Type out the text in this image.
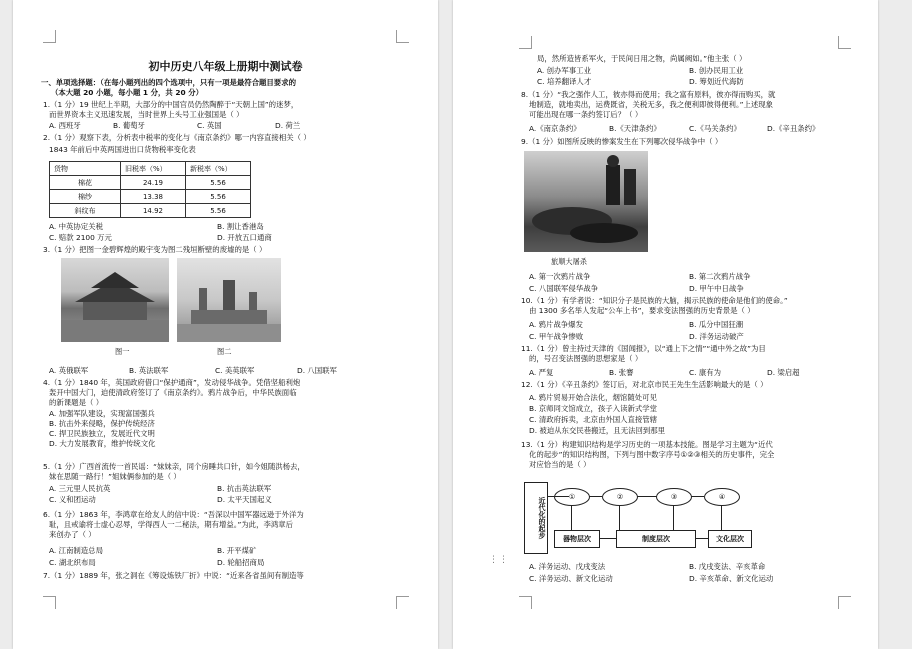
初中历史八年级上册期中测试卷
一、单项选择题：（在每小题列出的四个选项中，只有一项是最符合题目要求的
（本大题 20 小题，每小题 1 分，共 20 分）
1.（1 分）19 世纪上半期，大部分的中国官员仍然陶醉于“天朝上国”的迷梦，
而世界资本主义迅速发展，当时世界上头号工业强国是（ ）
A. 西班牙	B. 葡萄牙	C. 英国	D. 荷兰
2.（1 分）观察下表，分析表中税率的变化与《南京条约》哪一内容直接相关（ ）
1843 年前后中英两国进出口货物税率变化表
货物	旧税率（%）	新税率（%）
棉花	24.19	5.56
棉纱	13.38	5.56
斜纹布	14.92	5.56
A. 中英协定关税	B. 割让香港岛
C. 赔款 2100 万元	D. 开放五口通商
3.（1 分）把图一金碧辉煌的殿宇变为图二残垣断壁的废墟的是（ ）
图一	图二
A. 英俄联军	B. 英法联军	C. 美英联军	D. 八国联军
4.（1 分）1840 年，英国政府借口“保护通商”，发动侵华战争。凭借坚船利炮
轰开中国大门，迫使清政府签订了《南京条约》。鸦片战争后，中华民族面临
的新课题是（ ）
A. 加强军队建设，实现富国强兵
B. 抗击外来侵略，保护传统经济
C. 捍卫民族独立，发展近代文明
D. 大力发展教育，维护传统文化
5.（1 分）广西首流传一首民谣：“妹妹亲，同个房睡共口针，如今姐随洪杨去，
妹在思随一路行！”姐妹俩参加的是（ ）
A. 三元里人民抗英	B. 抗击英法联军
C. 义和团运动	D. 太平天国起义
6.（1 分）1863 年，李鸿章在给友人的信中说：“吾深以中国军器远逊于外洋为
耻，且戒谕将士虚心忍辱，学得西人一二秘法，期有增益。”为此，李鸿章后
来创办了（ ）
A. 江南制造总局	B. 开平煤矿
C. 湖北织布局	D. 轮船招商局
7.（1 分）1889 年，张之洞在《筹设炼铁厂折》中说：“近来各省虽间有制造等
局，然所造皆系军火，于民间日用之物，尚属阙如。”他主张（ ）
A. 创办军事工业	B. 创办民用工业
C. 培养翻译人才	D. 筹划近代海防
8.（1 分）“我之强作人工，彼亦得而使用；我之富有原料，彼亦得而购买，就
地制造，就地卖出，运费既省，关税无多，我之便利即彼得便利。”上述现象
可能出现在哪一条约签订后？（ ）
A.《南京条约》	B.《天津条约》	C.《马关条约》	D.《辛丑条约》
9.（1 分）如图所反映的惨案发生在下列哪次侵华战争中（ ）
旅顺大屠杀
A. 第一次鸦片战争	B. 第二次鸦片战争
C. 八国联军侵华战争	D. 甲午中日战争
10.（1 分）有学者说：“知识分子是民族的大脑，揭示民族的使命是他们的使命。”
由 1300 多名举人发起“公车上书”，要求变法图强的历史背景是（ ）
A. 鸦片战争爆发	B. 瓜分中国狂潮
C. 甲午战争惨败	D. 洋务运动破产
11.（1 分）曾主持过天津的《国闻报》，以“通上下之情”“通中外之故”为目
的，号召变法图强的思想家是（ ）
A. 严复	B. 张謇	C. 康有为	D. 梁启超
12.（1 分）《辛丑条约》签订后，对北京市民王先生生活影响最大的是（ ）
A. 鸦片贸易开始合法化，烟馆随处可见
B. 京师同文馆成立，孩子入读新式学堂
C. 清政府拆卖，北京由外国人直接管辖
D. 被迫从东交民巷搬迁，且无法回到那里
13.（1 分）构建知识结构是学习历史的一项基本技能。图是学习主题为“近代
化的起步”的知识结构图，下列与图中数字序号①②③相关的历史事件，完全
对应恰当的是（ ）
A. 洋务运动、戊戌变法	B. 戊戌变法、辛亥革命
C. 洋务运动、新文化运动	D. 辛亥革命、新文化运动
近代化的起步	①	②	③	④
器物层次	制度层次	文化层次
⋮⋮
